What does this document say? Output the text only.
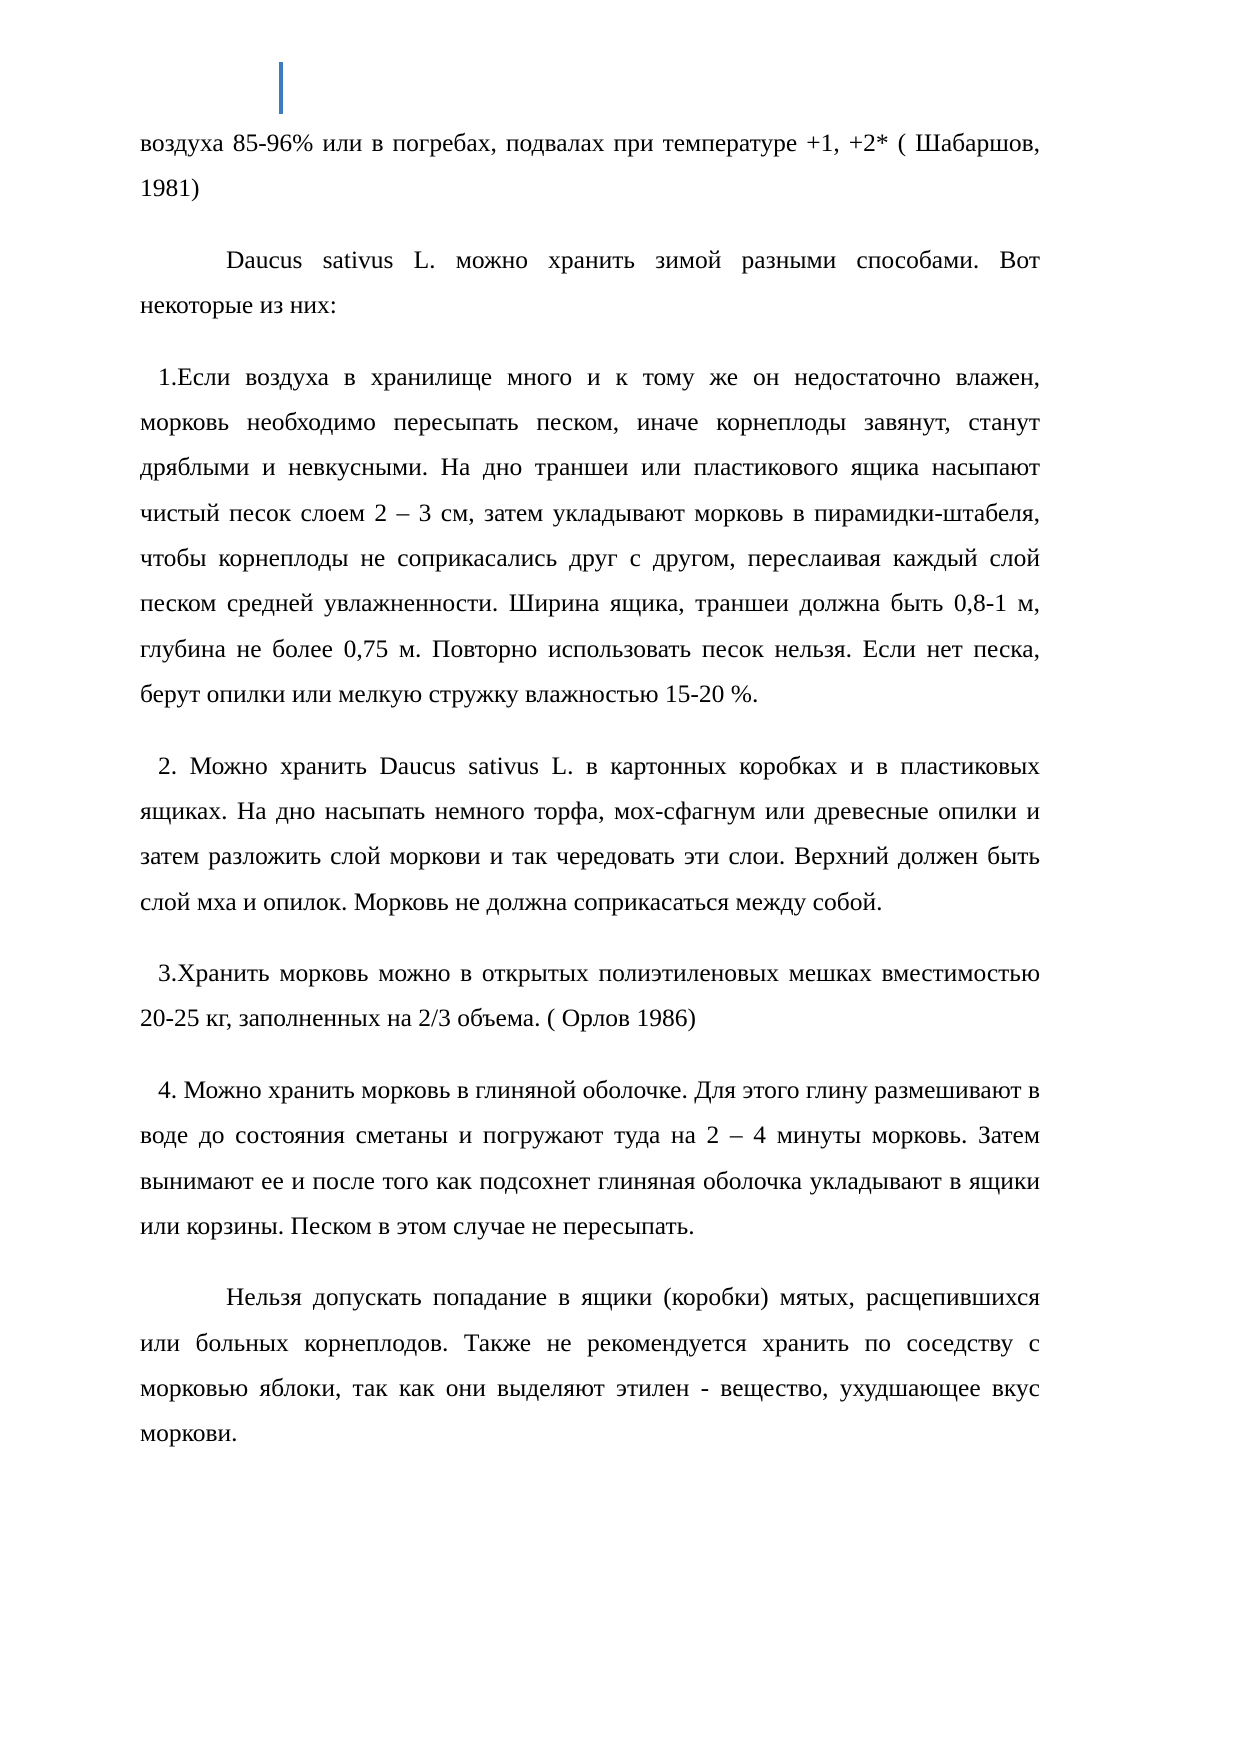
воздуха 85-96% или в погребах, подвалах при температуре +1, +2* ( Шабаршов, 1981)

Daucus sativus L. можно хранить зимой разными способами. Вот некоторые из них:

1.Если воздуха в хранилище много и к тому же он недостаточно влажен, морковь необходимо пересыпать песком, иначе корнеплоды завянут, станут дряблыми и невкусными. На дно траншеи или пластикового ящика насыпают чистый песок слоем 2 – 3 см, затем укладывают морковь в пирамидки-штабеля, чтобы корнеплоды не соприкасались друг с другом, переслаивая каждый слой песком средней увлажненности. Ширина ящика, траншеи должна быть 0,8-1 м, глубина не более 0,75 м. Повторно использовать песок нельзя. Если нет песка, берут опилки или мелкую стружку влажностью 15-20 %.

2. Можно хранить Daucus sativus L. в картонных коробках и в пластиковых ящиках. На дно насыпать немного торфа, мох-сфагнум или древесные опилки и затем разложить слой моркови и так чередовать эти слои. Верхний должен быть слой мха и опилок. Морковь не должна соприкасаться между собой.

3.Хранить морковь можно в открытых полиэтиленовых мешках вместимостью 20-25 кг, заполненных на 2/3 объема. ( Орлов 1986)

4. Можно хранить морковь в глиняной оболочке. Для этого глину размешивают в воде до состояния сметаны и погружают туда на 2 – 4 минуты морковь. Затем вынимают ее и после того как подсохнет глиняная оболочка укладывают в ящики или корзины. Песком в этом случае не пересыпать.

Нельзя допускать попадание в ящики (коробки) мятых, расщепившихся или больных корнеплодов. Также не рекомендуется хранить по соседству с морковью яблоки, так как они выделяют этилен - вещество, ухудшающее вкус моркови.
